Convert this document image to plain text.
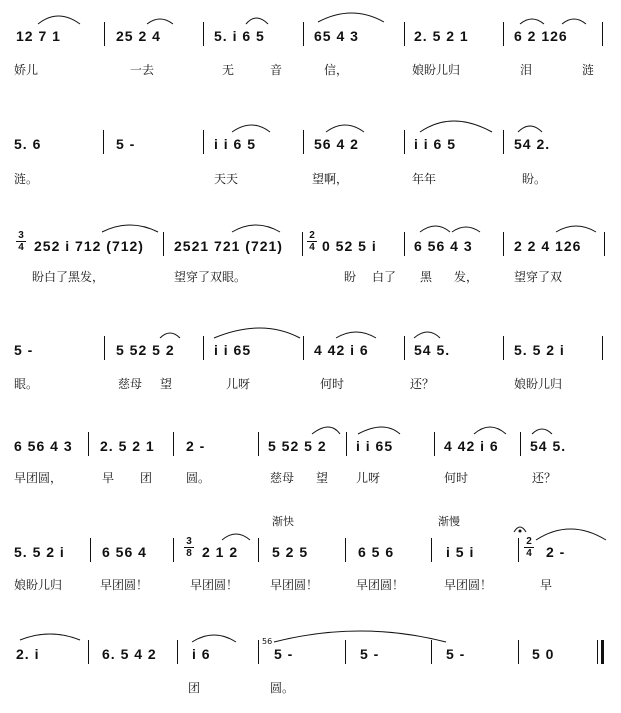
12 7 1	25 2 4	5. i 6 5	65 4 3	2. 5 2 1	6 2 126
娇儿	一去	无	音	信，	娘盼儿归	泪	涟
5. 6	5 -	i i 6 5	56 4 2	i i 6 5	54 2.
涟。	天天	望啊，	年年	盼。
3
4 252 i 712 (712) 2521 721 (721)
2
4 0 52 5 i	6 56 4 3	2 2 4 126
盼白了黑发，	望穿了双眼。	盼 白了 黑 发，	望穿了双
5 -	5 52 5 2	i i 65	4 42 i 6	54 5.	5. 5 2 i
眼。	慈母 望	儿呀	何时	还？	娘盼儿归
6 56 4 3 2. 5 2 1 2 -	5 52 5 2 i i 65	4 42 i 6 54 5.
早团圆，	早 团	圆。	慈母 望 儿呀	何时	还？
渐快	渐慢
5. 5 2 i	6 56 4
3
8 2 1 2 5 2 5	6 5 6	i 5 i
2
4 2 -
娘盼儿归	早团圆！	早团圆！	早团圆！	早团圆！	早团圆！	早
2. i	6. 5 4 2	i 6
56
5 -	5 -	5 -	5 0
团	圆。
